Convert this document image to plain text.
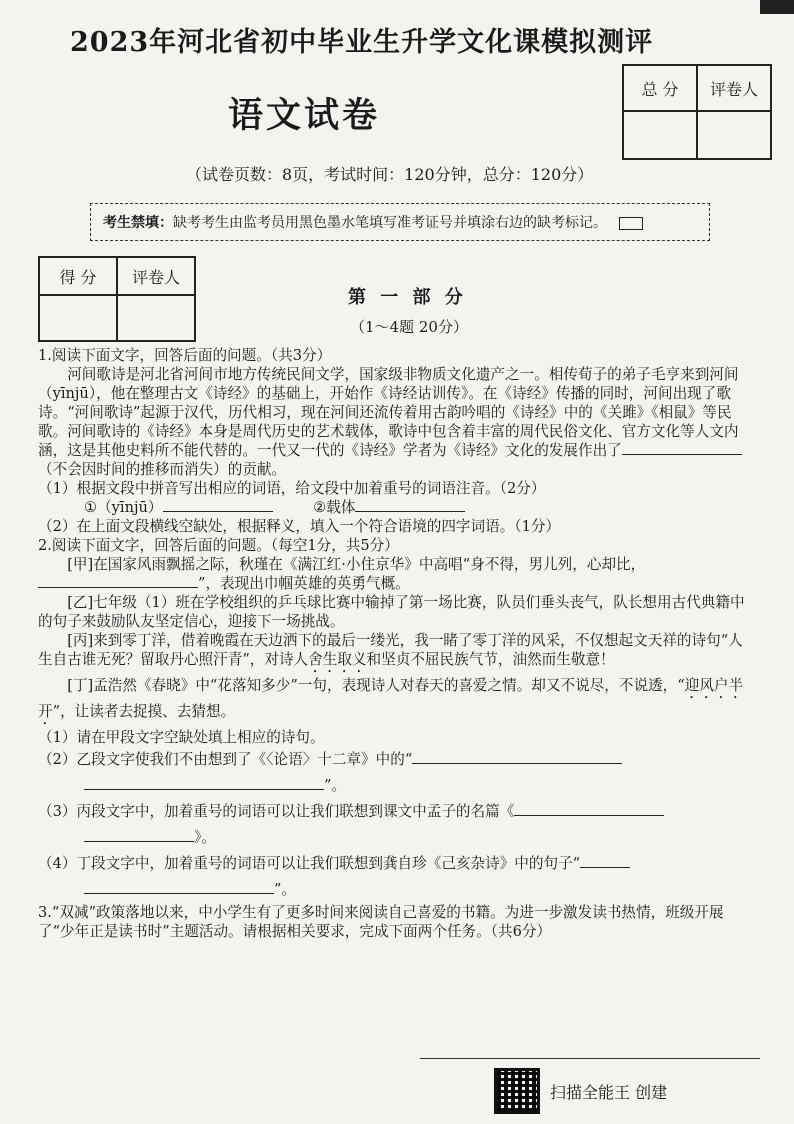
2023年河北省初中毕业生升学文化课模拟测评
总 分	评卷人

语文试卷
（试卷页数：8页，考试时间：120分钟，总分：120分）
考生禁填：缺考考生由监考员用黑色墨水笔填写准考证号并填涂右边的缺考标记。
得 分	评卷人

第 一 部 分
（1～4题 20分）

1.阅读下面文字，回答后面的问题。（共3分）

河间歌诗是河北省河间市地方传统民间文学，国家级非物质文化遗产之一。相传荀子的弟子毛亨来到河间（yīnjū），他在整理古文《诗经》的基础上，开始作《诗经诂训传》。在《诗经》传播的同时，河间出现了歌诗。“河间歌诗”起源于汉代，历代相习，现在河间还流传着用古韵吟唱的《诗经》中的《关雎》《相鼠》等民歌。河间歌诗的《诗经》本身是周代历史的艺术载体，歌诗中包含着丰富的周代民俗文化、官方文化等人文内涵，这是其他史料所不能代替的。一代又一代的《诗经》学者为《诗经》文化的发展作出了

（不会因时间的推移而消失）的贡献。

（1）根据文段中拼音写出相应的词语，给文段中加着重号的词语注音。（2分）

①（yīnjū）	②载体

（2）在上面文段横线空缺处，根据释义，填入一个符合语境的四字词语。（1分）

2.阅读下面文字，回答后面的问题。（每空1分，共5分）

[甲]在国家风雨飘摇之际，秋瑾在《满江红·小住京华》中高唱“身不得，男儿列，心却比，”，表现出巾帼英雄的英勇气概。

[乙]七年级（1）班在学校组织的乒乓球比赛中输掉了第一场比赛，队员们垂头丧气，队长想用古代典籍中的句子来鼓励队友坚定信心，迎接下一场挑战。

[丙]来到零丁洋，借着晚霞在天边洒下的最后一缕光，我一睹了零丁洋的风采，不仅想起文天祥的诗句“人生自古谁无死？留取丹心照汗青”，对诗人舍生取义和坚贞不屈民族气节，油然而生敬意！

[丁]孟浩然《春晓》中“花落知多少”一句，表现诗人对春天的喜爱之情。却又不说尽，不说透，“迎风户半开”，让读者去捉摸、去猜想。

（1）请在甲段文字空缺处填上相应的诗句。

（2）乙段文字使我们不由想到了《〈论语〉十二章》中的“
”。

（3）丙段文字中，加着重号的词语可以让我们联想到课文中孟子的名篇《
》。

（4）丁段文字中，加着重号的词语可以让我们联想到龚自珍《己亥杂诗》中的句子“
”。

3.“双减”政策落地以来，中小学生有了更多时间来阅读自己喜爱的书籍。为进一步激发读书热情，班级开展了“少年正是读书时”主题活动。请根据相关要求，完成下面两个任务。（共6分）

扫描全能王 创建
